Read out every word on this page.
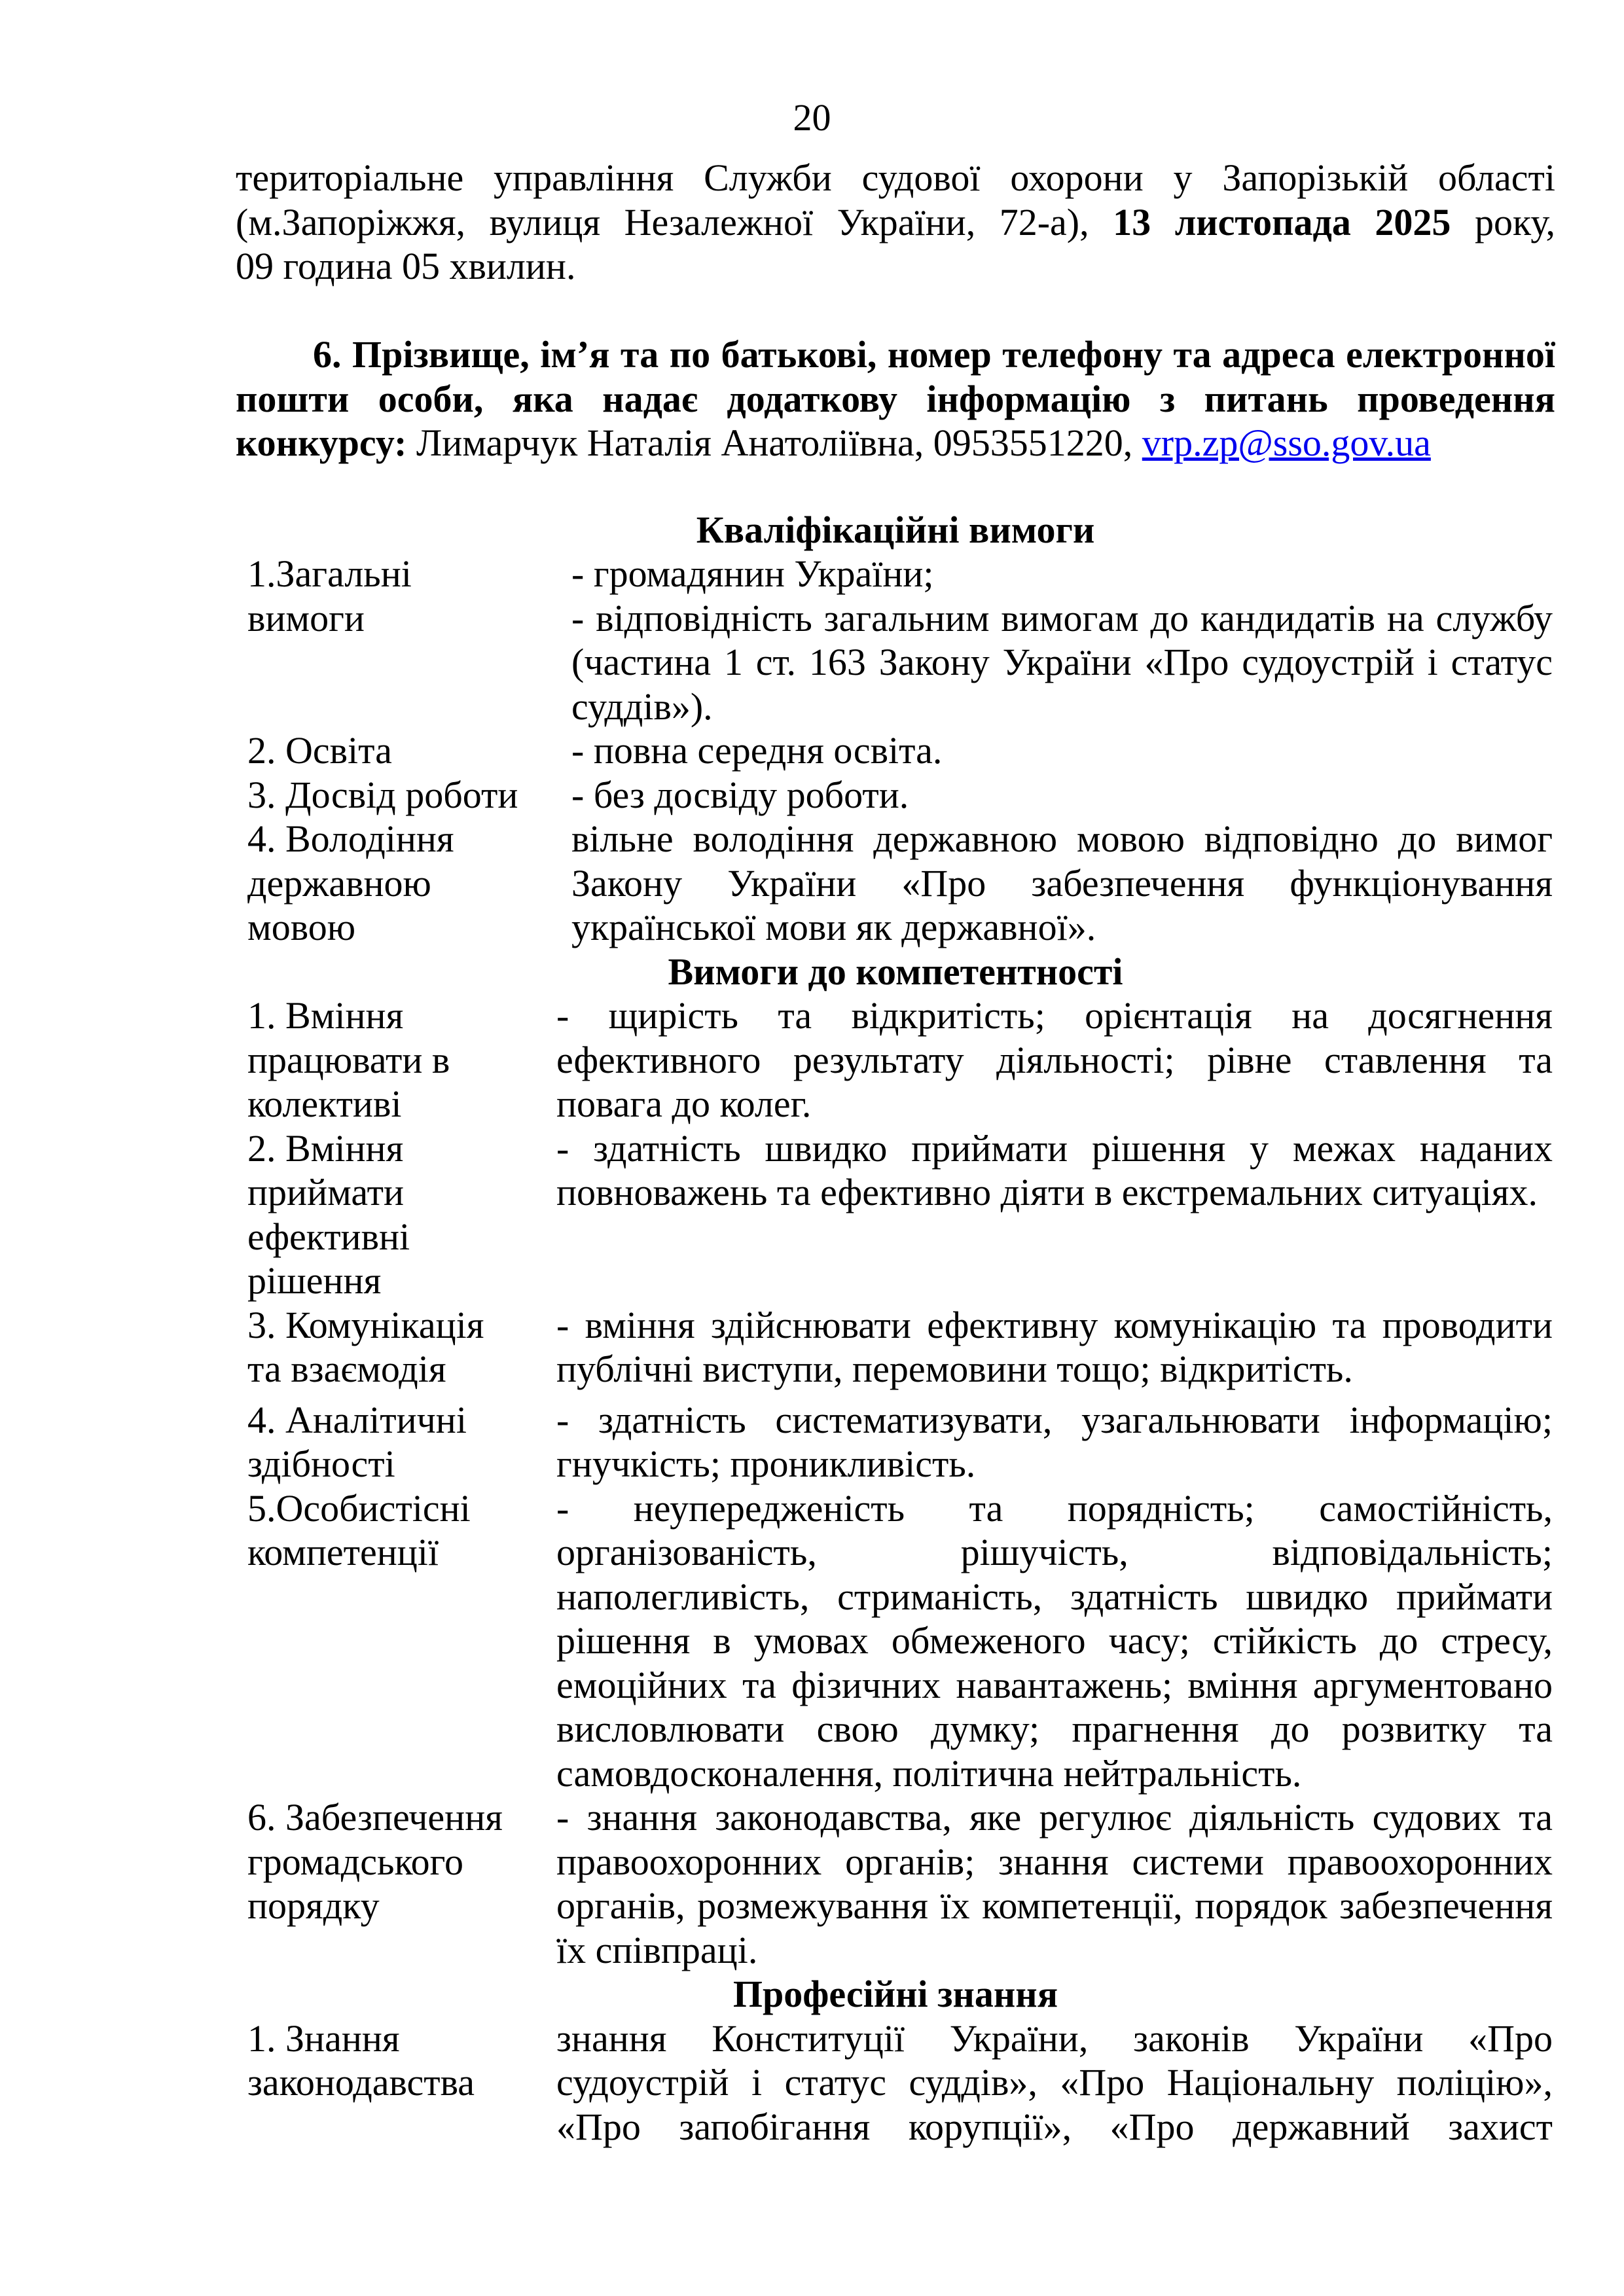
20
територіальне управління Служби судової охорони у Запорізькій області
(м.Запоріжжя, вулиця Незалежної України, 72-а), 13 листопада 2025 року,
09 година 05 хвилин.
6. Прізвище, ім’я та по батькові, номер телефону та адреса електронної
пошти особи, яка надає додаткову інформацію з питань проведення
конкурсу: Лимарчук Наталія Анатоліївна, 0953551220, vrp.zp@sso.gov.ua
Кваліфікаційні вимоги
1.Загальні
вимоги
- громадянин України;
- відповідність загальним вимогам до кандидатів на службу
(частина 1 ст. 163 Закону України «Про судоустрій і статус
суддів»).
2. Освіта	- повна середня освіта.
3. Досвід роботи	- без досвіду роботи.
4. Володіння
державною
мовою
вільне володіння державною мовою відповідно до вимог
Закону України «Про забезпечення функціонування
української мови як державної».
Вимоги до компетентності
1. Вміння
працювати в
колективі
- щирість та відкритість; орієнтація на досягнення
ефективного результату діяльності; рівне ставлення та
повага до колег.
2. Вміння
приймати
ефективні
рішення
- здатність швидко приймати рішення у межах наданих
повноважень та ефективно діяти в екстремальних ситуаціях.
3. Комунікація
та взаємодія
- вміння здійснювати ефективну комунікацію та проводити
публічні виступи, перемовини тощо; відкритість.
4. Аналітичні
здібності
- здатність систематизувати, узагальнювати інформацію;
гнучкість; проникливість.
5.Особистісні
компетенції
- неупередженість та порядність; самостійність,
організованість, рішучість, відповідальність;
наполегливість, стриманість, здатність швидко приймати
рішення в умовах обмеженого часу; стійкість до стресу,
емоційних та фізичних навантажень; вміння аргументовано
висловлювати свою думку; прагнення до розвитку та
самовдосконалення, політична нейтральність.
6. Забезпечення
громадського
порядку
- знання законодавства, яке регулює діяльність судових та
правоохоронних органів; знання системи правоохоронних
органів, розмежування їх компетенції, порядок забезпечення
їх співпраці.
Професійні знання
1. Знання
законодавства
знання Конституції України, законів України «Про
судоустрій і статус суддів», «Про Національну поліцію»,
«Про запобігання корупції», «Про державний захист
